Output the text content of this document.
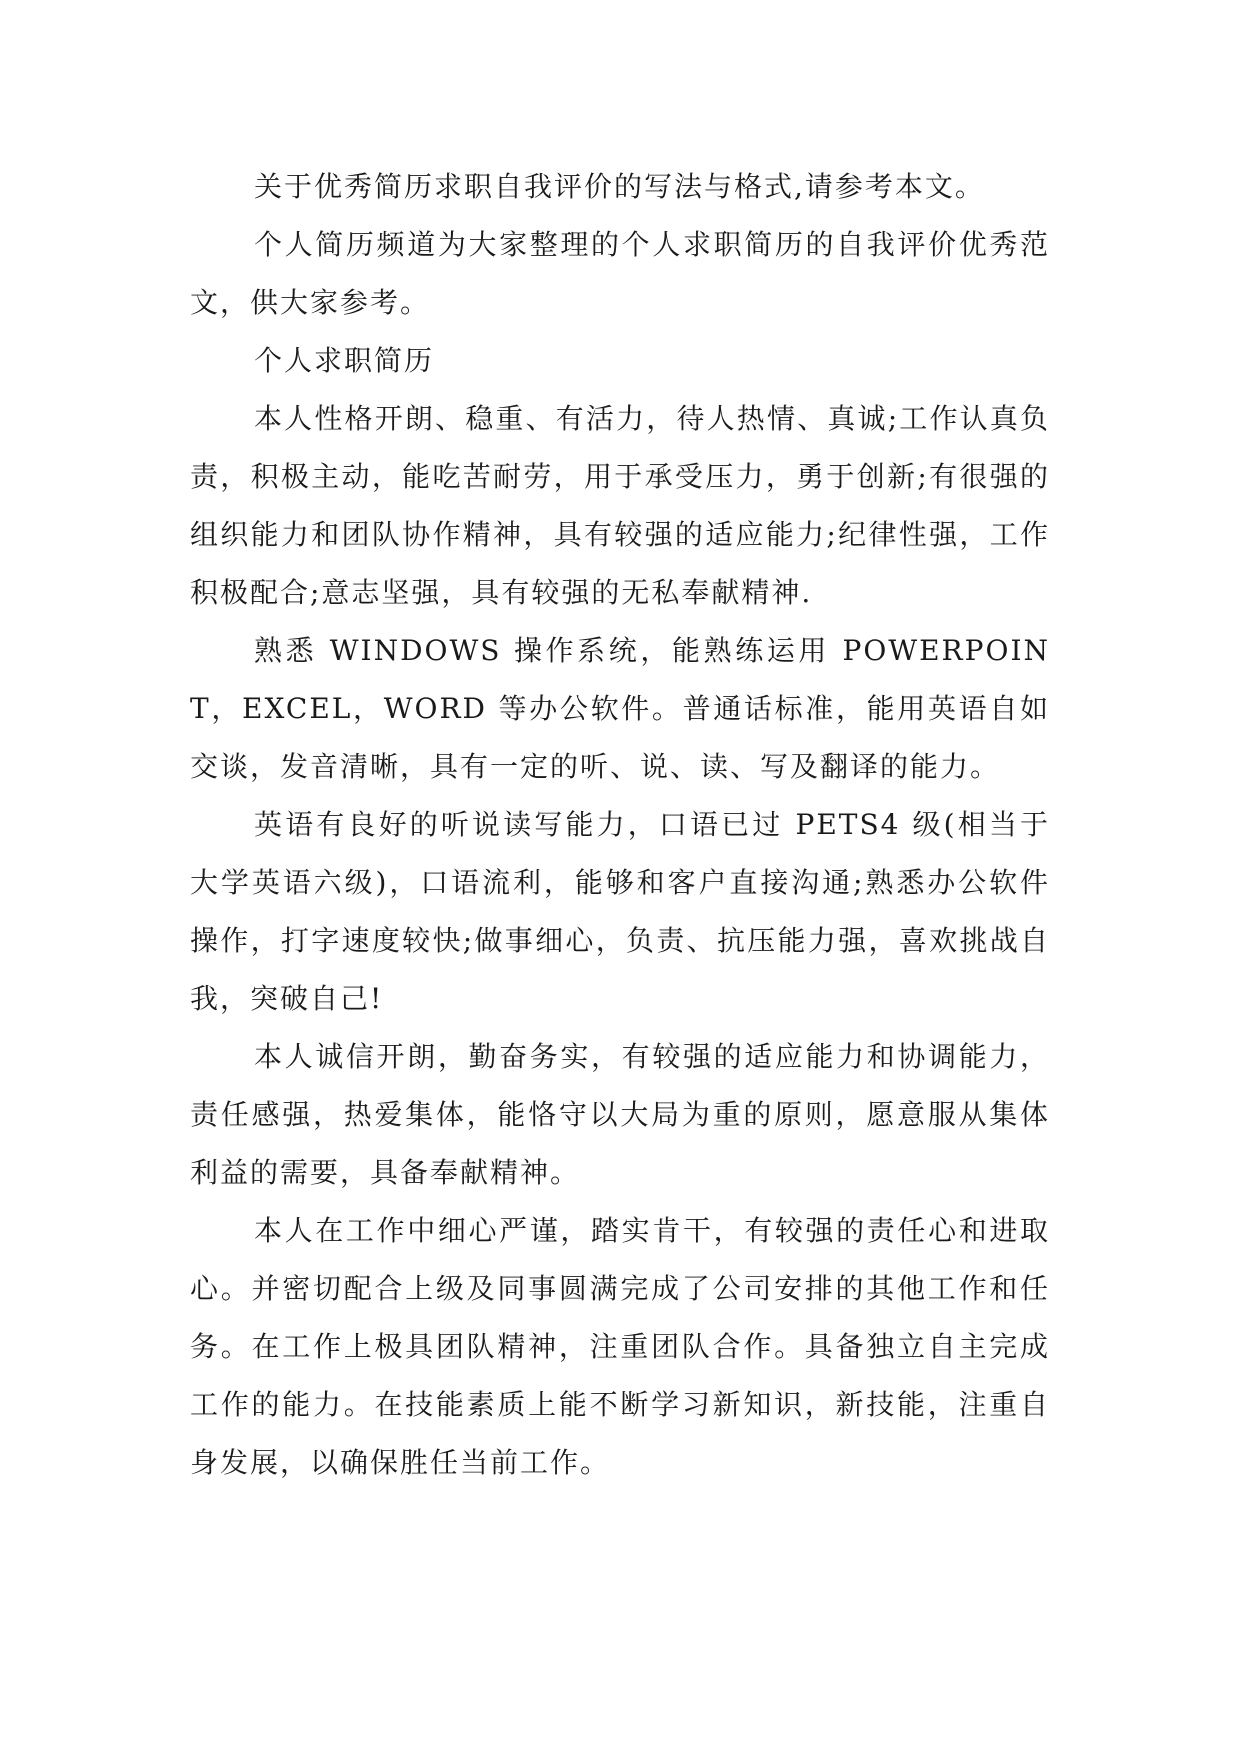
关于优秀简历求职自我评价的写法与格式,请参考本文。

个人简历频道为大家整理的个人求职简历的自我评价优秀范文，供大家参考。

个人求职简历

本人性格开朗、稳重、有活力，待人热情、真诚;工作认真负责，积极主动，能吃苦耐劳，用于承受压力，勇于创新;有很强的组织能力和团队协作精神，具有较强的适应能力;纪律性强，工作积极配合;意志坚强，具有较强的无私奉献精神.

熟悉 WINDOWS 操作系统，能熟练运用 POWERPOINT，EXCEL，WORD 等办公软件。普通话标准，能用英语自如交谈，发音清晰，具有一定的听、说、读、写及翻译的能力。

英语有良好的听说读写能力，口语已过 PETS4 级(相当于大学英语六级)，口语流利，能够和客户直接沟通;熟悉办公软件操作，打字速度较快;做事细心，负责、抗压能力强，喜欢挑战自我，突破自己!

本人诚信开朗，勤奋务实，有较强的适应能力和协调能力，责任感强，热爱集体，能恪守以大局为重的原则，愿意服从集体利益的需要，具备奉献精神。

本人在工作中细心严谨，踏实肯干，有较强的责任心和进取心。并密切配合上级及同事圆满完成了公司安排的其他工作和任务。在工作上极具团队精神，注重团队合作。具备独立自主完成工作的能力。在技能素质上能不断学习新知识，新技能，注重自身发展，以确保胜任当前工作。
